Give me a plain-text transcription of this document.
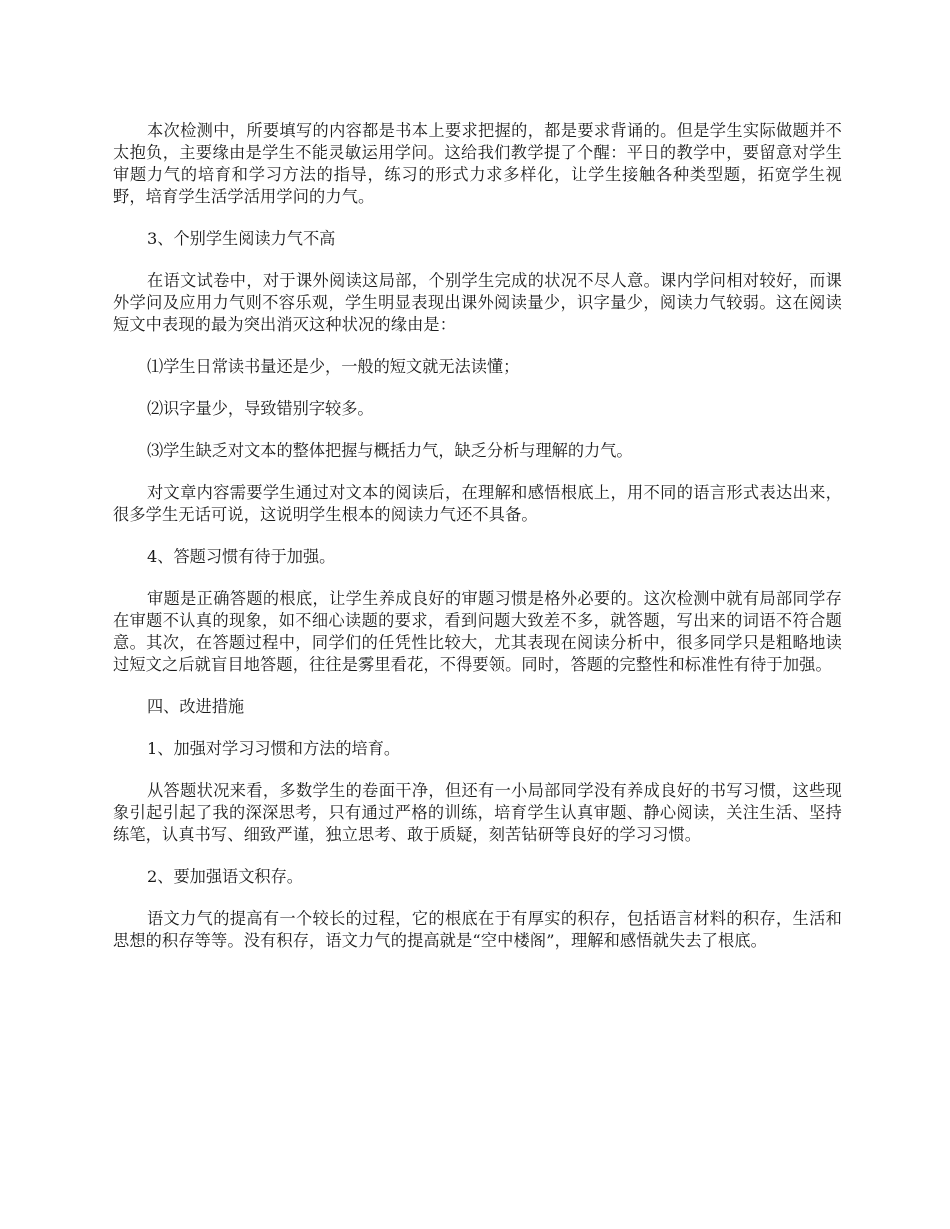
本次检测中，所要填写的内容都是书本上要求把握的，都是要求背诵的。但是学生实际做题并不太抱负，主要缘由是学生不能灵敏运用学问。这给我们教学提了个醒：平日的教学中，要留意对学生审题力气的培育和学习方法的指导，练习的形式力求多样化，让学生接触各种类型题，拓宽学生视野，培育学生活学活用学问的力气。

3、个别学生阅读力气不高

在语文试卷中，对于课外阅读这局部，个别学生完成的状况不尽人意。课内学问相对较好，而课外学问及应用力气则不容乐观，学生明显表现出课外阅读量少，识字量少，阅读力气较弱。这在阅读短文中表现的最为突出消灭这种状况的缘由是：

⑴学生日常读书量还是少，一般的短文就无法读懂；

⑵识字量少，导致错别字较多。

⑶学生缺乏对文本的整体把握与概括力气，缺乏分析与理解的力气。

对文章内容需要学生通过对文本的阅读后，在理解和感悟根底上，用不同的语言形式表达出来，很多学生无话可说，这说明学生根本的阅读力气还不具备。

4、答题习惯有待于加强。

审题是正确答题的根底，让学生养成良好的审题习惯是格外必要的。这次检测中就有局部同学存在审题不认真的现象，如不细心读题的要求，看到问题大致差不多，就答题，写出来的词语不符合题意。其次，在答题过程中，同学们的任凭性比较大，尤其表现在阅读分析中，很多同学只是粗略地读过短文之后就盲目地答题，往往是雾里看花，不得要领。同时，答题的完整性和标准性有待于加强。

四、改进措施

1、加强对学习习惯和方法的培育。

从答题状况来看，多数学生的卷面干净，但还有一小局部同学没有养成良好的书写习惯，这些现象引起引起了我的深深思考，只有通过严格的训练，培育学生认真审题、静心阅读，关注生活、坚持练笔，认真书写、细致严谨，独立思考、敢于质疑，刻苦钻研等良好的学习习惯。

2、要加强语文积存。

语文力气的提高有一个较长的过程，它的根底在于有厚实的积存，包括语言材料的积存，生活和思想的积存等等。没有积存，语文力气的提高就是“空中楼阁”，理解和感悟就失去了根底。
